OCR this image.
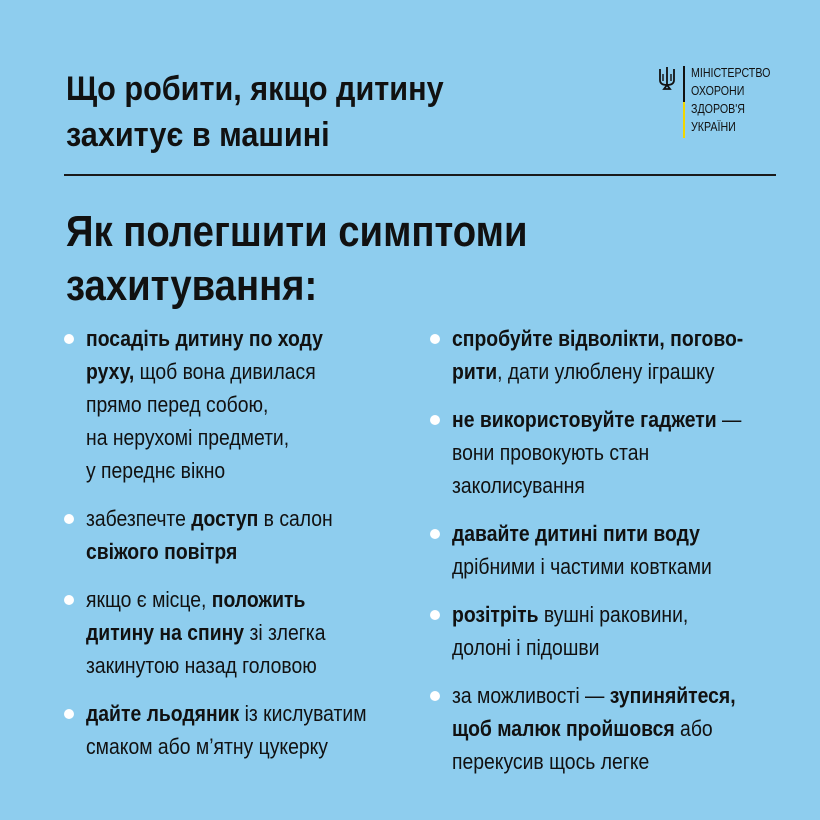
Що робити, якщо дитину
захитує в машині
МІНІСТЕРСТВО
ОХОРОНИ
ЗДОРОВ'Я
УКРАЇНИ
Як полегшити симптоми
захитування:
посадіть дитину по ходу
руху, щоб вона дивилася
прямо перед собою,
на нерухомі предмети,
у переднє вікно
забезпечте доступ в салон
свіжого повітря
якщо є місце, положить
дитину на спину зі злегка
закинутою назад головою
дайте льодяник із кислуватим
смаком або м’ятну цукерку
спробуйте відволікти, погово-
рити, дати улюблену іграшку
не використовуйте гаджети —
вони провокують стан
заколисування
давайте дитині пити воду
дрібними і частими ковтками
розітріть вушні раковини,
долоні і підошви
за можливості — зупиняйтеся,
щоб малюк пройшовся або
перекусив щось легке
